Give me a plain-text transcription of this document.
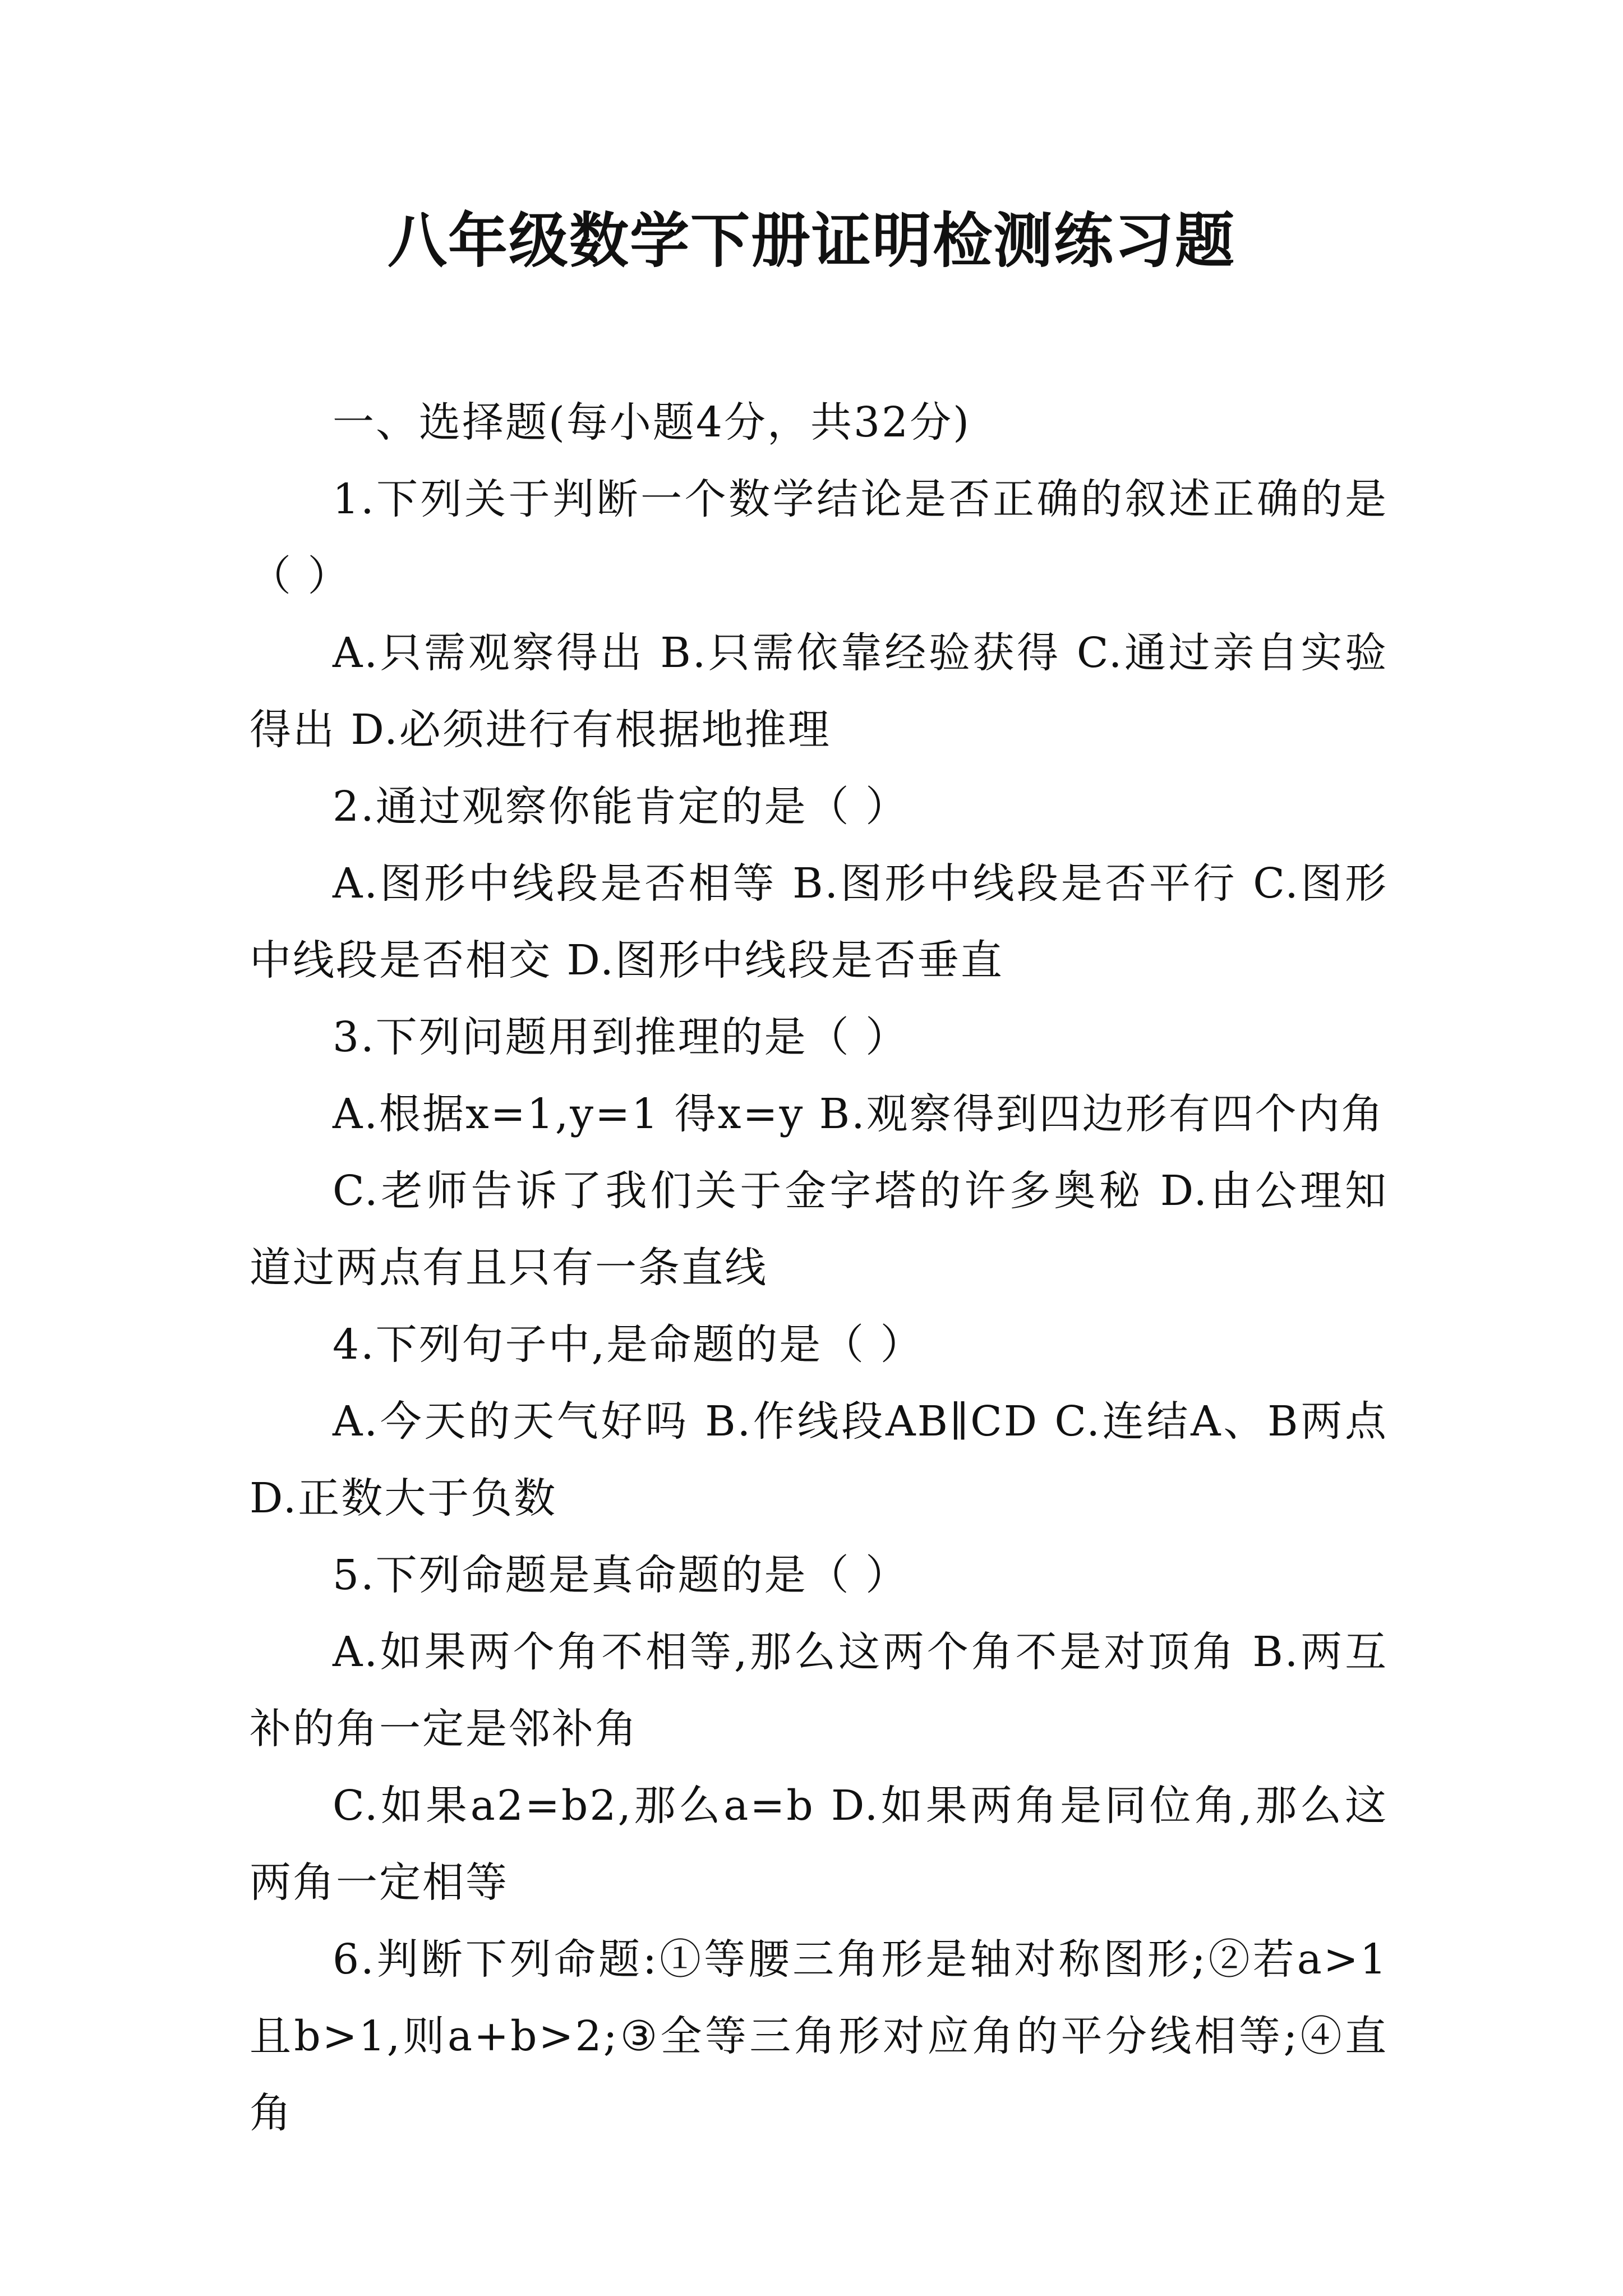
八年级数学下册证明检测练习题

一、选择题(每小题4分，共32分)

1.下列关于判断一个数学结论是否正确的叙述正确的是（ ）

A.只需观察得出 B.只需依靠经验获得 C.通过亲自实验得出 D.必须进行有根据地推理

2.通过观察你能肯定的是（ ）

A.图形中线段是否相等 B.图形中线段是否平行 C.图形中线段是否相交 D.图形中线段是否垂直

3.下列问题用到推理的是（ ）

A.根据x=1,y=1 得x=y B.观察得到四边形有四个内角

C.老师告诉了我们关于金字塔的许多奥秘 D.由公理知道过两点有且只有一条直线

4.下列句子中,是命题的是（ ）

A.今天的天气好吗 B.作线段AB∥CD C.连结A、B两点 D.正数大于负数

5.下列命题是真命题的是（ ）

A.如果两个角不相等,那么这两个角不是对顶角 B.两互补的角一定是邻补角

C.如果a2=b2,那么a=b D.如果两角是同位角,那么这两角一定相等

6.判断下列命题:①等腰三角形是轴对称图形;②若a>1且b>1,则a+b>2;③全等三角形对应角的平分线相等;④直角
